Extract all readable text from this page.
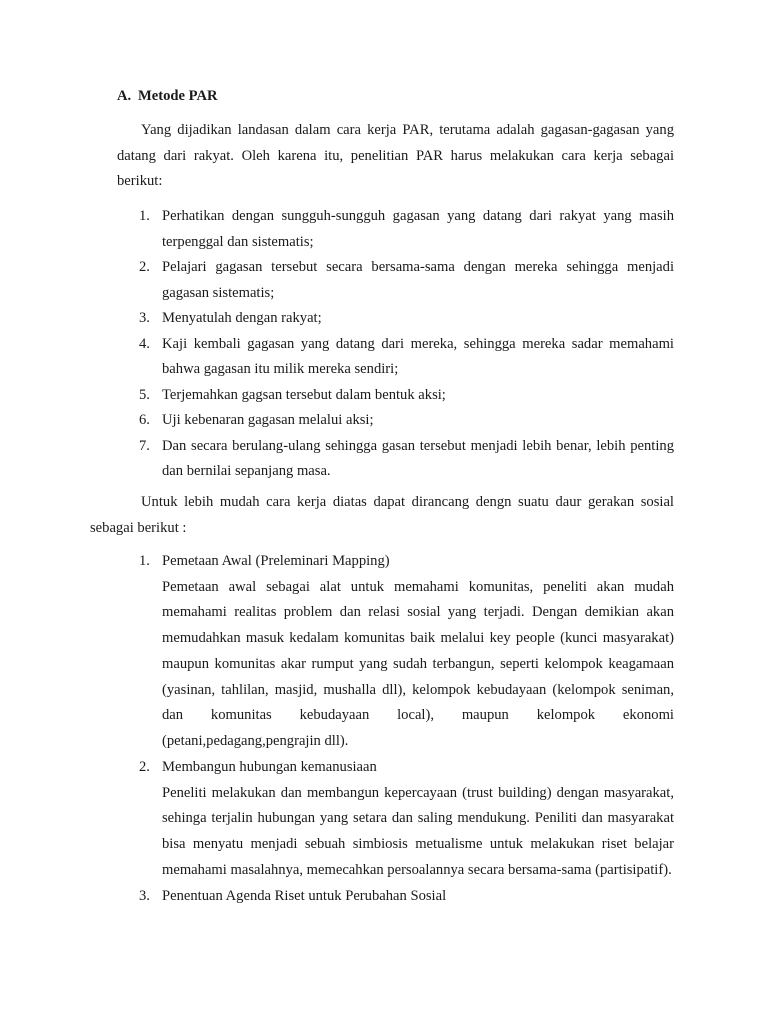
A. Metode PAR

Yang dijadikan landasan dalam cara kerja PAR, terutama adalah gagasan-gagasan yang datang dari rakyat. Oleh karena itu, penelitian PAR harus melakukan cara kerja sebagai berikut:

1. Perhatikan dengan sungguh-sungguh gagasan yang datang dari rakyat yang masih terpenggal dan sistematis;
2. Pelajari gagasan tersebut secara bersama-sama dengan mereka sehingga menjadi gagasan sistematis;
3. Menyatulah dengan rakyat;
4. Kaji kembali gagasan yang datang dari mereka, sehingga mereka sadar memahami bahwa gagasan itu milik mereka sendiri;
5. Terjemahkan gagsan tersebut dalam bentuk aksi;
6. Uji kebenaran gagasan melalui aksi;
7. Dan secara berulang-ulang sehingga gasan tersebut menjadi lebih benar, lebih penting dan bernilai sepanjang masa.

Untuk lebih mudah cara kerja diatas dapat dirancang dengn suatu daur gerakan sosial sebagai berikut :

1. Pemetaan Awal (Preleminari Mapping)
Pemetaan awal sebagai alat untuk memahami komunitas, peneliti akan mudah memahami realitas problem dan relasi sosial yang terjadi. Dengan demikian akan memudahkan masuk kedalam komunitas baik melalui key people (kunci masyarakat) maupun komunitas akar rumput yang sudah terbangun, seperti kelompok keagamaan (yasinan, tahlilan, masjid, mushalla dll), kelompok kebudayaan (kelompok seniman, dan komunitas kebudayaan local), maupun kelompok ekonomi (petani,pedagang,pengrajin dll).
2. Membangun hubungan kemanusiaan
Peneliti melakukan dan membangun kepercayaan (trust building) dengan masyarakat, sehinga terjalin hubungan yang setara dan saling mendukung. Peniliti dan masyarakat bisa menyatu menjadi sebuah simbiosis metualisme untuk melakukan riset belajar memahami masalahnya, memecahkan persoalannya secara bersama-sama (partisipatif).
3. Penentuan Agenda Riset untuk Perubahan Sosial
